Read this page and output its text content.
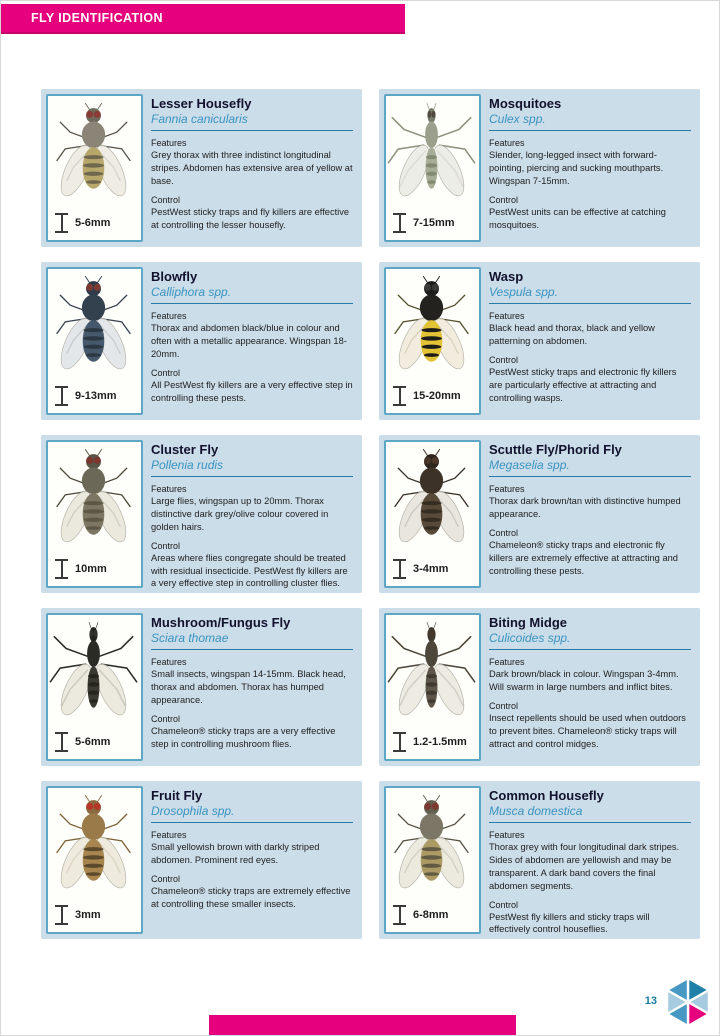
FLY IDENTIFICATION
5-6mm
Lesser Housefly
Fannia canicularis
Features
Grey thorax with three indistinct longitudinal stripes. Abdomen has extensive area of yellow at base.
Control
PestWest sticky traps and fly killers are effective at controlling the lesser housefly.	7-15mm
Mosquitoes
Culex spp.
Features
Slender, long-legged insect with forward-pointing, piercing and sucking mouthparts. Wingspan 7-15mm.
Control
PestWest units can be effective at catching mosquitoes.
9-13mm
Blowfly
Calliphora spp.
Features
Thorax and abdomen black/blue in colour and often with a metallic appearance. Wingspan 18-20mm.
Control
All PestWest fly killers are a very effective step in controlling these pests.	15-20mm
Wasp
Vespula spp.
Features
Black head and thorax, black and yellow patterning on abdomen.
Control
PestWest sticky traps and electronic fly killers are particularly effective at attracting and controlling wasps.
10mm
Cluster Fly
Pollenia rudis
Features
Large flies, wingspan up to 20mm. Thorax distinctive dark grey/olive colour covered in golden hairs.
Control
Areas where flies congregate should be treated with residual insecticide. PestWest fly killers are a very effective step in controlling cluster flies.
3-4mm
Scuttle Fly/Phorid Fly
Megaselia spp.
Features
Thorax dark brown/tan with distinctive humped appearance.
Control
Chameleon® sticky traps and electronic fly killers are extremely effective at attracting and controlling these pests.
5-6mm
Mushroom/Fungus Fly
Sciara thomae
Features
Small insects, wingspan 14-15mm. Black head, thorax and abdomen. Thorax has humped appearance.
Control
Chameleon® sticky traps are a very effective step in controlling mushroom flies.	1.2-1.5mm
Biting Midge
Culicoides spp.
Features
Dark brown/black in colour. Wingspan 3-4mm. Will swarm in large numbers and inflict bites.
Control
Insect repellents should be used when outdoors to prevent bites. Chameleon® sticky traps will attract and control midges.
3mm
Fruit Fly
Drosophila spp.
Features
Small yellowish brown with darkly striped abdomen. Prominent red eyes.
Control
Chameleon® sticky traps are extremely effective at controlling these smaller insects.
6-8mm
Common Housefly
Musca domestica
Features
Thorax grey with four longitudinal dark stripes. Sides of abdomen are yellowish and may be transparent. A dark band covers the final abdomen segments.
Control
PestWest fly killers and sticky traps will effectively control houseflies.
13
